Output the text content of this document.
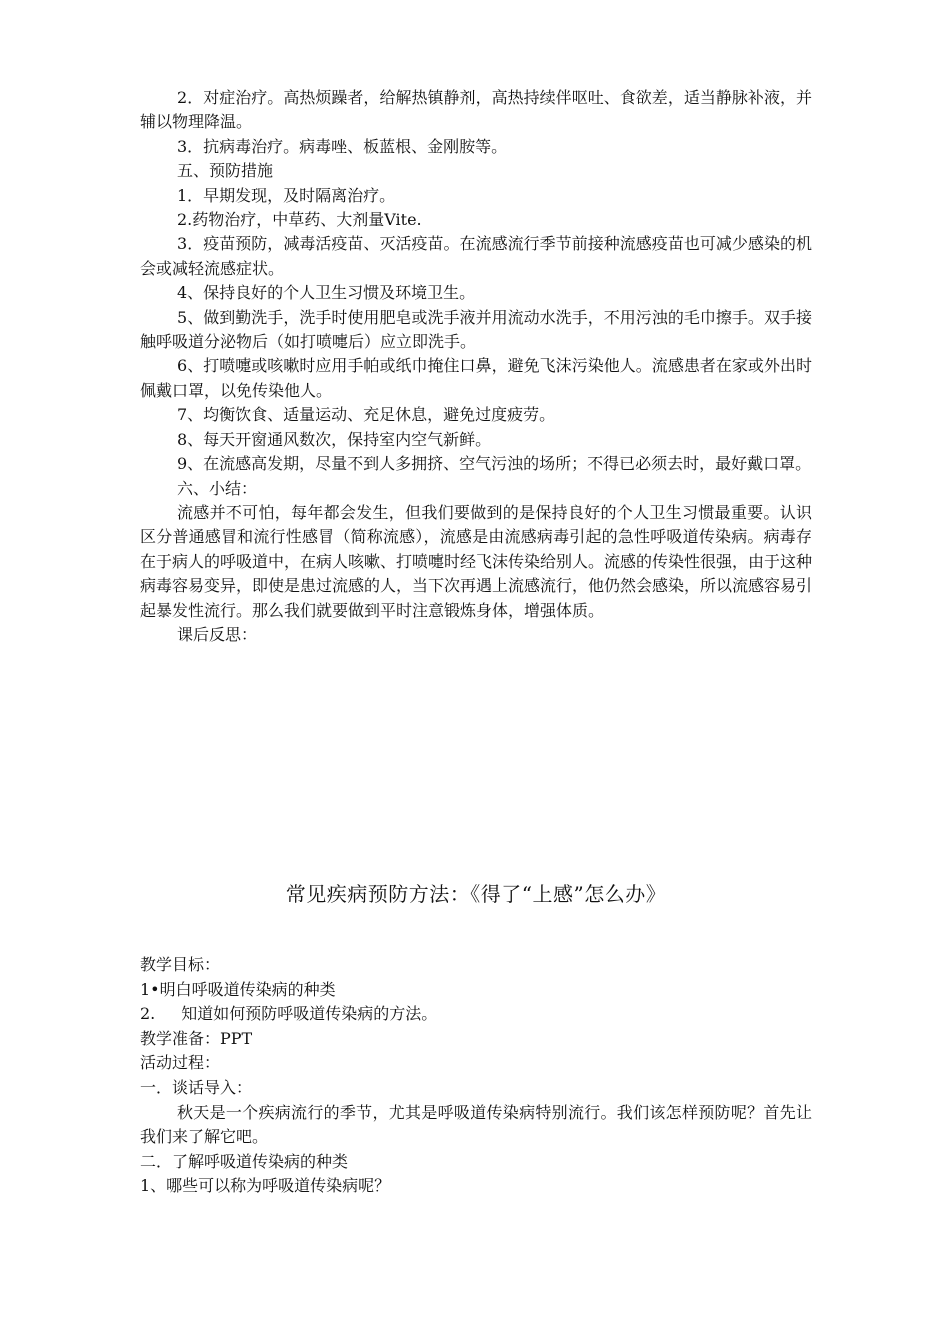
2．对症治疗。高热烦躁者，给解热镇静剂，高热持续伴呕吐、食欲差，适当静脉补液，并辅以物理降温。

3．抗病毒治疗。病毒唑、板蓝根、金刚胺等。

五、预防措施

1．早期发现，及时隔离治疗。

2.药物治疗，中草药、大剂量Vite.

3．疫苗预防，减毒活疫苗、灭活疫苗。在流感流行季节前接种流感疫苗也可减少感染的机会或减轻流感症状。

4、保持良好的个人卫生习惯及环境卫生。

5、做到勤洗手，洗手时使用肥皂或洗手液并用流动水洗手，不用污浊的毛巾擦手。双手接触呼吸道分泌物后（如打喷嚏后）应立即洗手。

6、打喷嚏或咳嗽时应用手帕或纸巾掩住口鼻，避免飞沫污染他人。流感患者在家或外出时佩戴口罩，以免传染他人。

7、均衡饮食、适量运动、充足休息，避免过度疲劳。

8、每天开窗通风数次，保持室内空气新鲜。

9、在流感高发期，尽量不到人多拥挤、空气污浊的场所；不得已必须去时，最好戴口罩。

六、小结：

流感并不可怕，每年都会发生，但我们要做到的是保持良好的个人卫生习惯最重要。认识区分普通感冒和流行性感冒（简称流感），流感是由流感病毒引起的急性呼吸道传染病。病毒存在于病人的呼吸道中，在病人咳嗽、打喷嚏时经飞沫传染给别人。流感的传染性很强，由于这种病毒容易变异，即使是患过流感的人，当下次再遇上流感流行，他仍然会感染，所以流感容易引起暴发性流行。那么我们就要做到平时注意锻炼身体，增强体质。

课后反思：

常见疾病预防方法：《得了“上感”怎么办》

教学目标：

1•明白呼吸道传染病的种类

2. 知道如何预防呼吸道传染病的方法。

教学准备：PPT

活动过程：

一．谈话导入：

秋天是一个疾病流行的季节，尤其是呼吸道传染病特别流行。我们该怎样预防呢？首先让我们来了解它吧。

二．了解呼吸道传染病的种类

1、哪些可以称为呼吸道传染病呢？
